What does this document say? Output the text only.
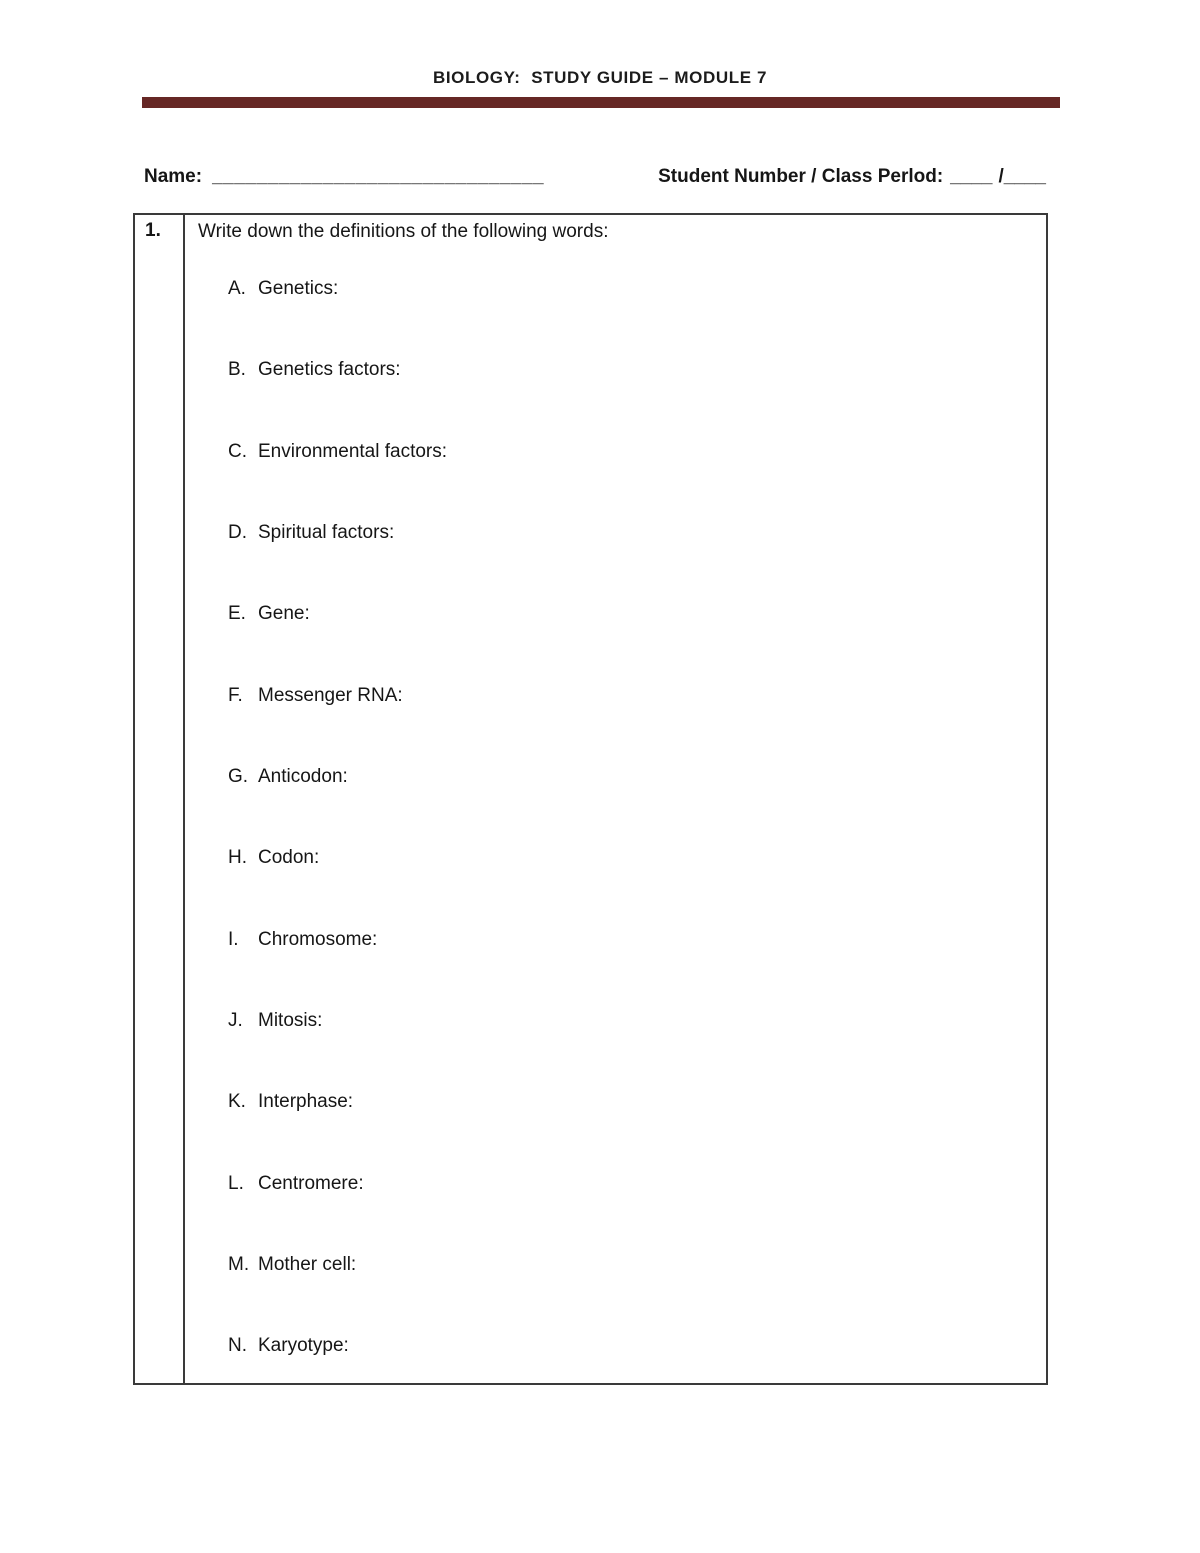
BIOLOGY:  STUDY GUIDE – MODULE 7
Name: ______________________________	Student Number / Class Perlod: ____ /____
1.	Write down the definitions of the following words:
A. Genetics:
B. Genetics factors:
C. Environmental factors:
D. Spiritual factors:
E. Gene:
F. Messenger RNA:
G. Anticodon:
H. Codon:
I. Chromosome:
J. Mitosis:
K. Interphase:
L. Centromere:
M. Mother cell:
N. Karyotype:
